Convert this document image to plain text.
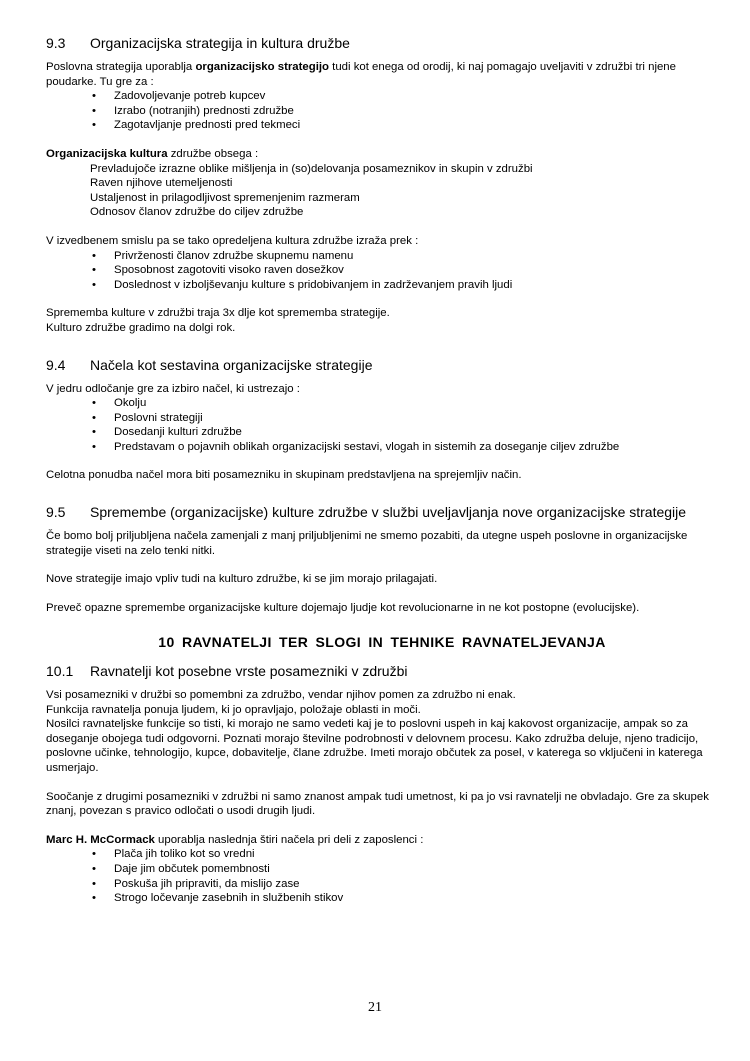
9.3	Organizacijska strategija in kultura družbe

Poslovna strategija uporablja organizacijsko strategijo tudi kot enega od orodij, ki naj pomagajo uveljaviti v združbi tri njene poudarke. Tu gre za :

• Zadovoljevanje potreb kupcev
• Izrabo (notranjih) prednosti združbe
• Zagotavljanje prednosti pred tekmeci

Organizacijska kultura združbe obsega :

Prevladujoče izrazne oblike mišljenja in (so)delovanja posameznikov in skupin v združbi
Raven njihove utemeljenosti
Ustaljenost in prilagodljivost spremenjenim razmeram
Odnosov članov združbe do ciljev združbe

V izvedbenem smislu pa se tako opredeljena kultura združbe izraža prek :

• Privrženosti članov združbe skupnemu namenu
• Sposobnost zagotoviti visoko raven dosežkov
• Doslednost v izboljševanju kulture s pridobivanjem in zadrževanjem pravih ljudi

Sprememba kulture v združbi traja 3x dlje kot sprememba strategije.

Kulturo združbe gradimo na dolgi rok.

9.4	Načela kot sestavina organizacijske strategije

V jedru odločanje gre za izbiro načel, ki ustrezajo :

• Okolju
• Poslovni strategiji
• Dosedanji kulturi združbe
• Predstavam o pojavnih oblikah organizacijski sestavi, vlogah in sistemih za doseganje ciljev združbe

Celotna ponudba načel mora biti posamezniku in skupinam predstavljena na sprejemljiv način.

9.5	Spremembe (organizacijske) kulture združbe v službi uveljavljanja nove organizacijske strategije

Če bomo bolj priljubljena načela zamenjali z manj priljubljenimi ne smemo pozabiti, da utegne uspeh poslovne in organizacijske strategije viseti na zelo tenki nitki.

Nove strategije imajo vpliv tudi na kulturo združbe, ki se jim morajo prilagajati.

Prevеč opazne spremembe organizacijske kulture dojemajo ljudje kot revolucionarne in ne kot postopne (evolucijske).

10 RAVNATELJI TER SLOGI IN TEHNIKE RAVNATELJEVANJA
10.1	Ravnatelji kot posebne vrste posamezniki v združbi

Vsi posamezniki v družbi so pomembni za združbo, vendar njihov pomen za združbo ni enak.

Funkcija ravnatelja ponuja ljudem, ki jo opravljajo, položaje oblasti in moči.

Nosilci ravnateljske funkcije so tisti, ki morajo ne samo vedeti kaj je to poslovni uspeh in kaj kakovost organizacije, ampak so za doseganje obojega tudi odgovorni. Poznati morajo številne podrobnosti v delovnem procesu. Kako združba deluje, njeno tradicijo, poslovne učinke, tehnologijo, kupce, dobavitelje, člane združbe. Imeti morajo občutek za posel, v katerega so vključeni in katerega usmerjajo.

Soočanje z drugimi posamezniki v združbi ni samo znanost ampak tudi umetnost, ki pa jo vsi ravnatelji ne obvladajo. Gre za skupek znanj, povezan s pravico odločati o usodi drugih ljudi.

Marc H. McCormack uporablja naslednja štiri načela pri deli z zaposlenci :

• Plača jih toliko kot so vredni
• Daje jim občutek pomembnosti
• Poskuša jih pripraviti, da mislijo zase
• Strogo ločevanje zasebnih in službenih stikov
21
